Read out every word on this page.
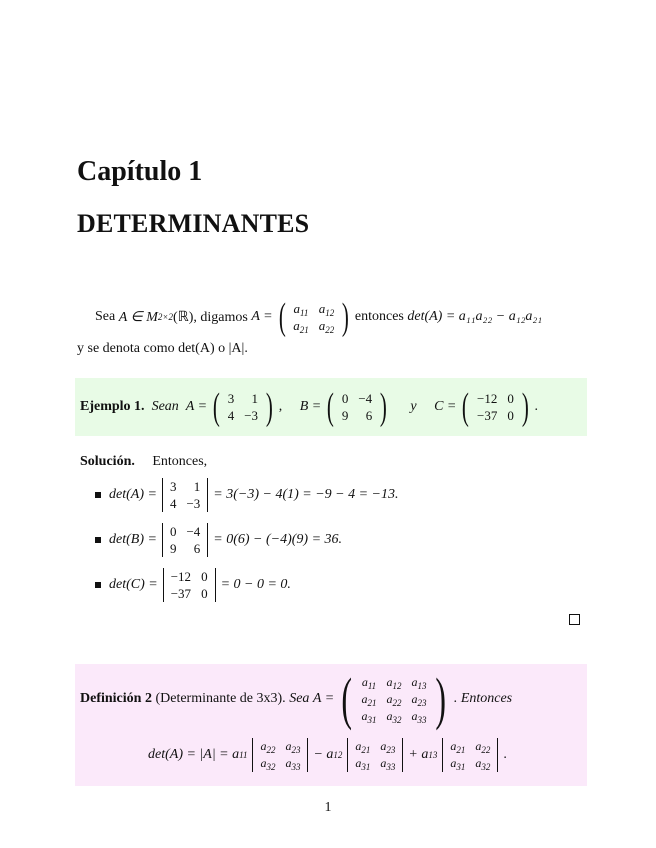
Capítulo 1
DETERMINANTES
Sea
A ∈ M 2×2 (ℝ), digamos
A = ( $a_{11}$	$a_{12}$
$a_{21}$	$a_{22}$ ) entonces
det(A) = a₁₁a₂₂ − a₁₂a₂₁
y se denota como det(A) o |A|.
Ejemplo 1.
Sean
A = ( 3	1
4	−3 ) ,
B = ( 0	−4
9	6 )
y
C = ( −12	0
−37	0 ) .
Solución.
Entonces,
det(A) =
3	1
4	−3
= 3(−3) − 4(1) = −9 − 4 = −13.
det(B) =
0	−4
9	6
= 0(6) − (−4)(9) = 36.
det(C) =
−12	0
−37	0
= 0 − 0 = 0.
Definición 2
(Determinante de 3x3).
Sea
A = ( $a_{11}$	$a_{12}$	$a_{13}$
$a_{21}$	$a_{22}$	$a_{23}$
$a_{31}$	$a_{32}$	$a_{33}$ ) . Entonces
det(A) = |A| = a 11
$a_{22}$	$a_{23}$
$a_{32}$	$a_{33}$
− a 12
$a_{21}$	$a_{23}$
$a_{31}$	$a_{33}$
+ a 13
$a_{21}$	$a_{22}$
$a_{31}$	$a_{32}$
.
1
